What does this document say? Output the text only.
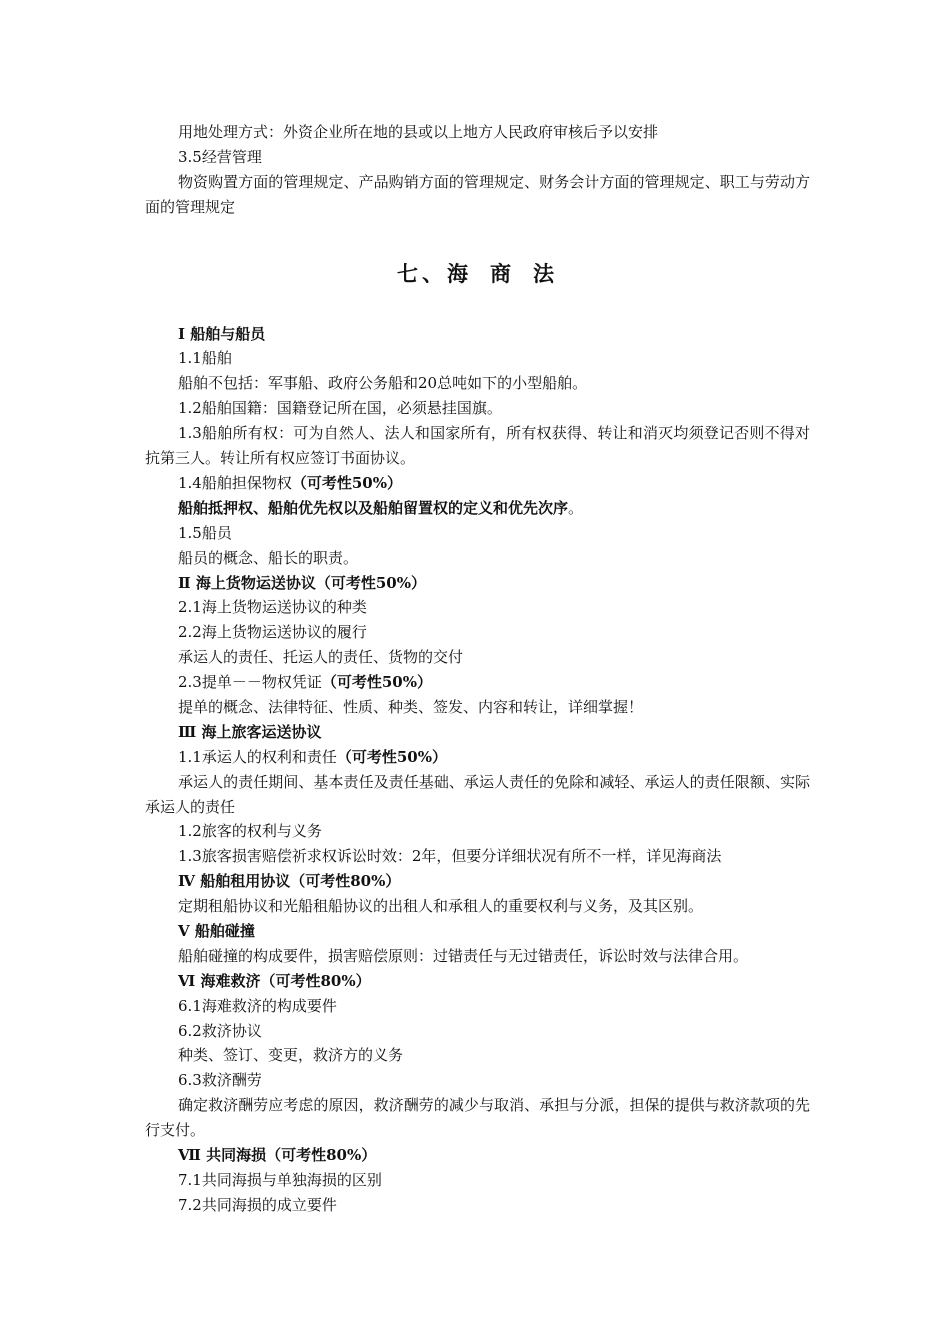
用地处理方式：外资企业所在地的县或以上地方人民政府审核后予以安排
3.5经营管理
物资购置方面的管理规定、产品购销方面的管理规定、财务会计方面的管理规定、职工与劳动方面的管理规定
七、海 商 法
Ⅰ 船舶与船员
1.1船舶
船舶不包括：军事船、政府公务船和20总吨如下的小型船舶。
1.2船舶国籍：国籍登记所在国，必须悬挂国旗。
1.3船舶所有权：可为自然人、法人和国家所有，所有权获得、转让和消灭均须登记否则不得对抗第三人。转让所有权应签订书面协议。
1.4船舶担保物权（可考性50%）
船舶抵押权、船舶优先权以及船舶留置权的定义和优先次序。
1.5船员
船员的概念、船长的职责。
Ⅱ 海上货物运送协议（可考性50%）
2.1海上货物运送协议的种类
2.2海上货物运送协议的履行
承运人的责任、托运人的责任、货物的交付
2.3提单－－物权凭证（可考性50%）
提单的概念、法律特征、性质、种类、签发、内容和转让，详细掌握！
Ⅲ 海上旅客运送协议
1.1承运人的权利和责任（可考性50%）
承运人的责任期间、基本责任及责任基础、承运人责任的免除和减轻、承运人的责任限额、实际承运人的责任
1.2旅客的权利与义务
1.3旅客损害赔偿祈求权诉讼时效：2年，但要分详细状况有所不一样，详见海商法
Ⅳ 船舶租用协议（可考性80%）
定期租船协议和光船租船协议的出租人和承租人的重要权利与义务，及其区别。
Ⅴ 船舶碰撞
船舶碰撞的构成要件，损害赔偿原则：过错责任与无过错责任，诉讼时效与法律合用。
Ⅵ 海难救济（可考性80%）
6.1海难救济的构成要件
6.2救济协议
种类、签订、变更，救济方的义务
6.3救济酬劳
确定救济酬劳应考虑的原因，救济酬劳的减少与取消、承担与分派，担保的提供与救济款项的先行支付。
Ⅶ 共同海损（可考性80%）
7.1共同海损与单独海损的区别
7.2共同海损的成立要件
